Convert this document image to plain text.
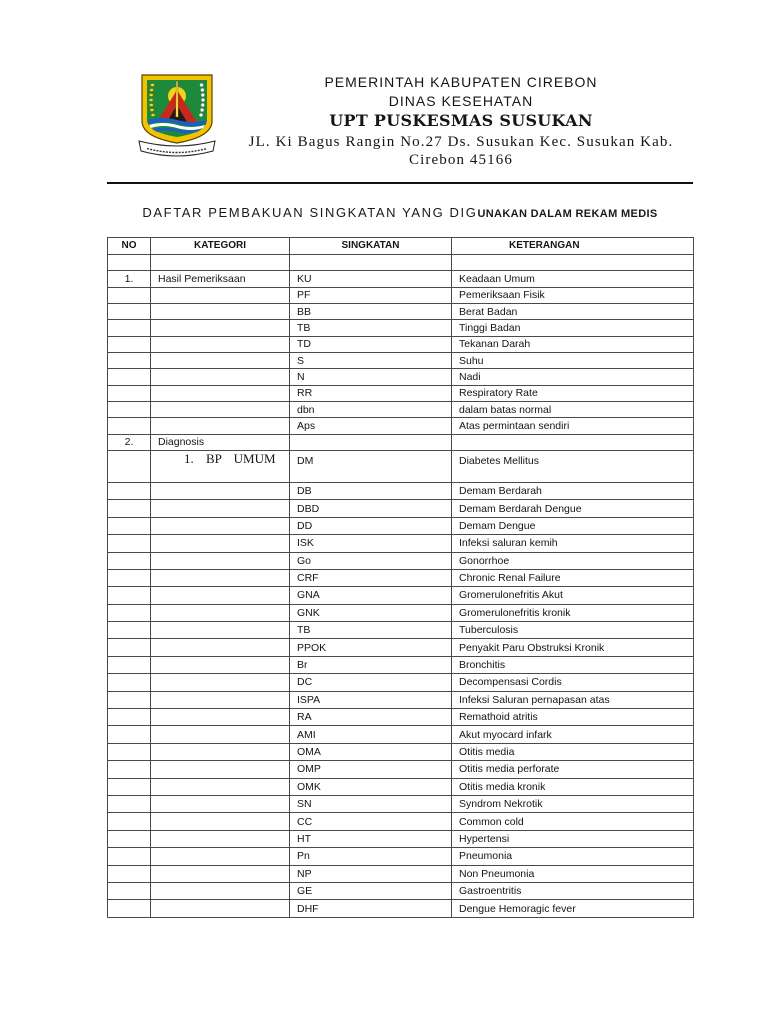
PEMERINTAH KABUPATEN CIREBON
DINAS KESEHATAN
UPT PUSKESMAS SUSUKAN
JL. Ki Bagus Rangin No.27 Ds. Susukan Kec. Susukan Kab.
Cirebon 45166
DAFTAR PEMBAKUAN SINGKATAN YANG DIGUNAKAN DALAM REKAM MEDIS
NO	KATEGORI	SINGKATAN	KETERANGAN

1.	Hasil Pemeriksaan	KU	Keadaan Umum
		PF	Pemeriksaan Fisik
		BB	Berat Badan
		TB	Tinggi Badan
		TD	Tekanan Darah
		S	Suhu
		N	Nadi
		RR	Respiratory Rate
		dbn	dalam batas normal
		Aps	Atas permintaan sendiri
2.	Diagnosis		
	1. BP UMUM	DM	Diabetes Mellitus
		DB	Demam Berdarah
		DBD	Demam Berdarah Dengue
		DD	Demam Dengue
		ISK	Infeksi saluran kemih
		Go	Gonorrhoe
		CRF	Chronic Renal Failure
		GNA	Gromerulonefritis Akut
		GNK	Gromerulonefritis kronik
		TB	Tuberculosis
		PPOK	Penyakit Paru Obstruksi Kronik
		Br	Bronchitis
		DC	Decompensasi Cordis
		ISPA	Infeksi Saluran pernapasan atas
		RA	Remathoid atritis
		AMI	Akut myocard infark
		OMA	Otitis media
		OMP	Otitis media perforate
		OMK	Otitis media kronik
		SN	Syndrom Nekrotik
		CC	Common cold
		HT	Hypertensi
		Pn	Pneumonia
		NP	Non Pneumonia
		GE	Gastroentritis
		DHF	Dengue Hemoragic fever
